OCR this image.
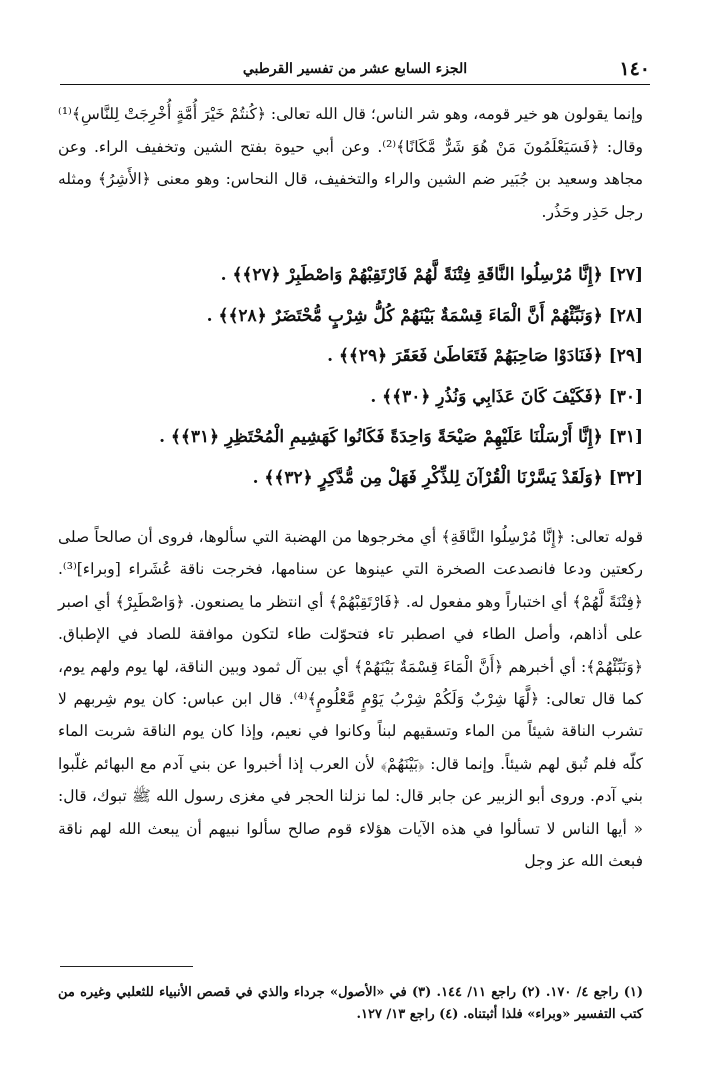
١٤٠
الجزء السابع عشر من تفسير القرطبي

وإنما يقولون هو خير قومه، وهو شر الناس؛ قال الله تعالى: ﴿كُنتُمْ خَيْرَ أُمَّةٍ أُخْرِجَتْ لِلنَّاسِ﴾⁽¹⁾ وقال: ﴿فَسَيَعْلَمُونَ مَنْ هُوَ شَرٌّ مَّكَانًا﴾⁽²⁾. وعن أبي حيوة بفتح الشين وتخفيف الراء. وعن مجاهد وسعيد بن جُبَير ضم الشين والراء والتخفيف، قال النحاس: وهو معنى ﴿الأَشِرُ﴾ ومثله رجل حَذِر وحَذُر.

[٢٧] ﴿إِنَّا مُرْسِلُوا النَّاقَةِ فِتْنَةً لَّهُمْ فَارْتَقِبْهُمْ وَاصْطَبِرْ ﴿٢٧﴾﴾ .
[٢٨] ﴿وَنَبِّئْهُمْ أَنَّ الْمَاءَ قِسْمَةٌ بَيْنَهُمْ كُلُّ شِرْبٍ مُّحْتَضَرٌ ﴿٢٨﴾﴾ .
[٢٩] ﴿فَنَادَوْا صَاحِبَهُمْ فَتَعَاطَىٰ فَعَقَرَ ﴿٢٩﴾﴾ .
[٣٠] ﴿فَكَيْفَ كَانَ عَذَابِي وَنُذُرِ ﴿٣٠﴾﴾ .
[٣١] ﴿إِنَّا أَرْسَلْنَا عَلَيْهِمْ صَيْحَةً وَاحِدَةً فَكَانُوا كَهَشِيمِ الْمُحْتَظِرِ ﴿٣١﴾﴾ .
[٣٢] ﴿وَلَقَدْ يَسَّرْنَا الْقُرْآنَ لِلذِّكْرِ فَهَلْ مِن مُّدَّكِرٍ ﴿٣٢﴾﴾ .

قوله تعالى: ﴿إِنَّا مُرْسِلُوا النَّاقَةِ﴾ أي مخرجوها من الهضبة التي سألوها، فروى أن صالحاً صلى ركعتين ودعا فانصدعت الصخرة التي عينوها عن سنامها، فخرجت ناقة عُشَراء [وبراء]⁽³⁾. ﴿فِتْنَةً لَّهُمْ﴾ أي اختباراً وهو مفعول له. ﴿فَارْتَقِبْهُمْ﴾ أي انتظر ما يصنعون. ﴿وَاصْطَبِرْ﴾ أي اصبر على أذاهم، وأصل الطاء في اصطبر تاء فتحوّلت طاء لتكون موافقة للصاد في الإطباق. ﴿وَنَبِّئْهُمْ﴾: أي أخبرهم ﴿أَنَّ الْمَاءَ قِسْمَةٌ بَيْنَهُمْ﴾ أي بين آل ثمود وبين الناقة، لها يوم ولهم يوم، كما قال تعالى: ﴿لَّهَا شِرْبٌ وَلَكُمْ شِرْبُ يَوْمٍ مَّعْلُومٍ﴾⁽⁴⁾. قال ابن عباس: كان يوم شِربهم لا تشرب الناقة شيئاً من الماء وتسقيهم لبناً وكانوا في نعيم، وإذا كان يوم الناقة شربت الماء كلّه فلم تُبق لهم شيئاً. وإنما قال: ﴿بَيْنَهُمْ﴾ لأن العرب إذا أخبروا عن بني آدم مع البهائم غلّبوا بني آدم. وروى أبو الزبير عن جابر قال: لما نزلنا الحجر في مغزى رسول الله ﷺ تبوك، قال: « أيها الناس لا تسألوا في هذه الآيات هؤلاء قوم صالح سألوا نبيهم أن يبعث الله لهم ناقة فبعث الله عز وجل

(١) راجع ٤/ ١٧٠. (٢) راجع ١١/ ١٤٤. (٣) في «الأصول» جرداء والذي في قصص الأنبياء للثعلبي وغيره من كتب التفسير «وبراء» فلذا أثبتناه. (٤) راجع ١٣/ ١٢٧.
